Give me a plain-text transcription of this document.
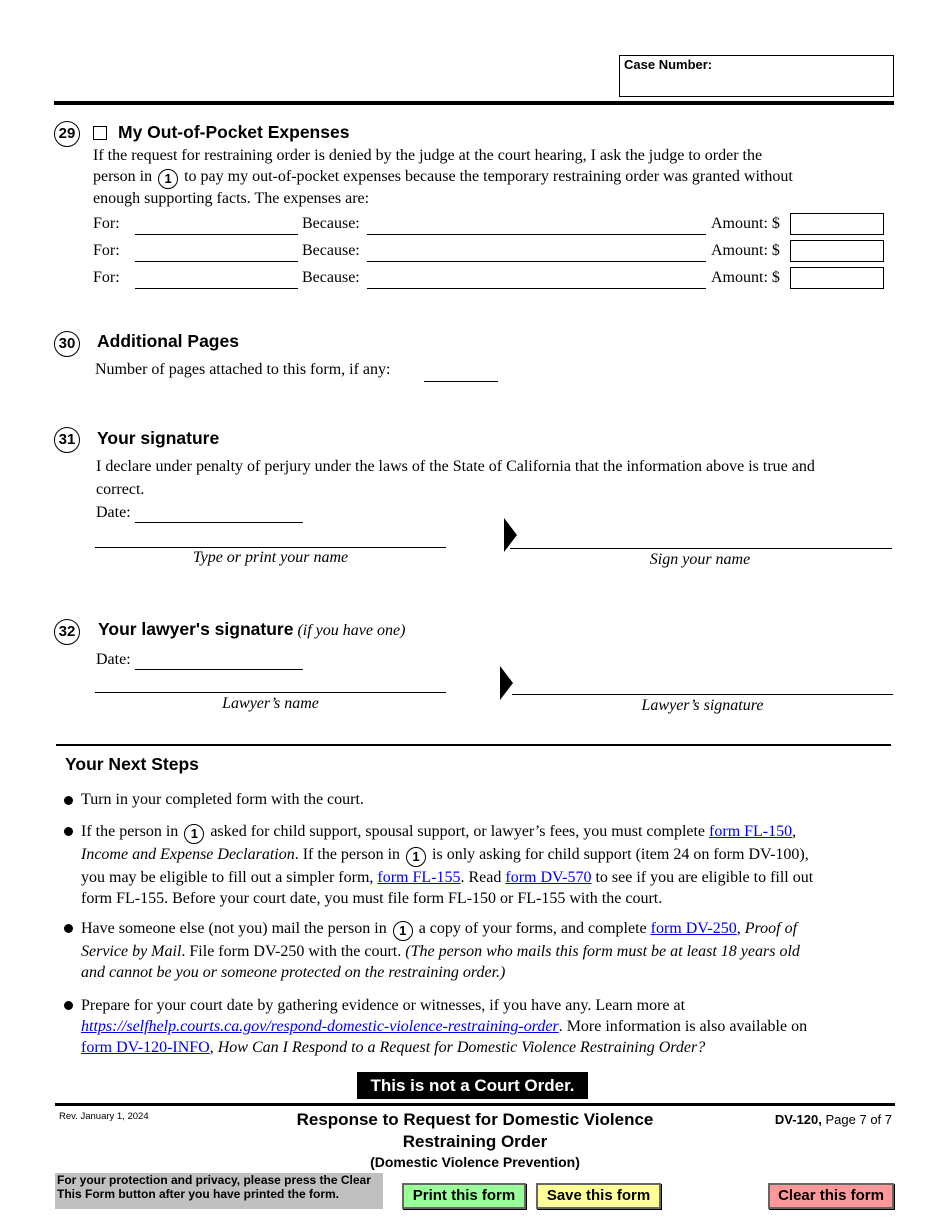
Case Number:
29 My Out-of-Pocket Expenses
If the request for restraining order is denied by the judge at the court hearing, I ask the judge to order the
person in 1 to pay my out-of-pocket expenses because the temporary restraining order was granted without
enough supporting facts. The expenses are:
For:	Because:	Amount: $
For:	Because:	Amount: $
For:	Because:	Amount: $
30 Additional Pages
Number of pages attached to this form, if any:
31 Your signature
I declare under penalty of perjury under the laws of the State of California that the information above is true and
correct.
Date:
Type or print your name	Sign your name
32 Your lawyer's signature (if you have one)
Date:
Lawyer’s name	Lawyer’s signature
Your Next Steps
Turn in your completed form with the court.
If the person in 1 asked for child support, spousal support, or lawyer’s fees, you must complete form FL-150,
Income and Expense Declaration. If the person in 1 is only asking for child support (item 24 on form DV-100),
you may be eligible to fill out a simpler form, form FL-155. Read form DV-570 to see if you are eligible to fill out
form FL-155. Before your court date, you must file form FL-150 or FL-155 with the court.
Have someone else (not you) mail the person in 1 a copy of your forms, and complete form DV-250, Proof of
Service by Mail. File form DV-250 with the court. (The person who mails this form must be at least 18 years old
and cannot be you or someone protected on the restraining order.)
Prepare for your court date by gathering evidence or witnesses, if you have any. Learn more at
https://selfhelp.courts.ca.gov/respond-domestic-violence-restraining-order. More information is also available on
form DV-120-INFO, How Can I Respond to a Request for Domestic Violence Restraining Order?
This is not a Court Order.
Rev. January 1, 2024	Response to Request for Domestic Violence
Restraining Order
(Domestic Violence Prevention)
DV-120, Page 7 of 7
For your protection and privacy, please press the Clear This Form button after you have printed the form.	Print this form	Save this form	Clear this form
